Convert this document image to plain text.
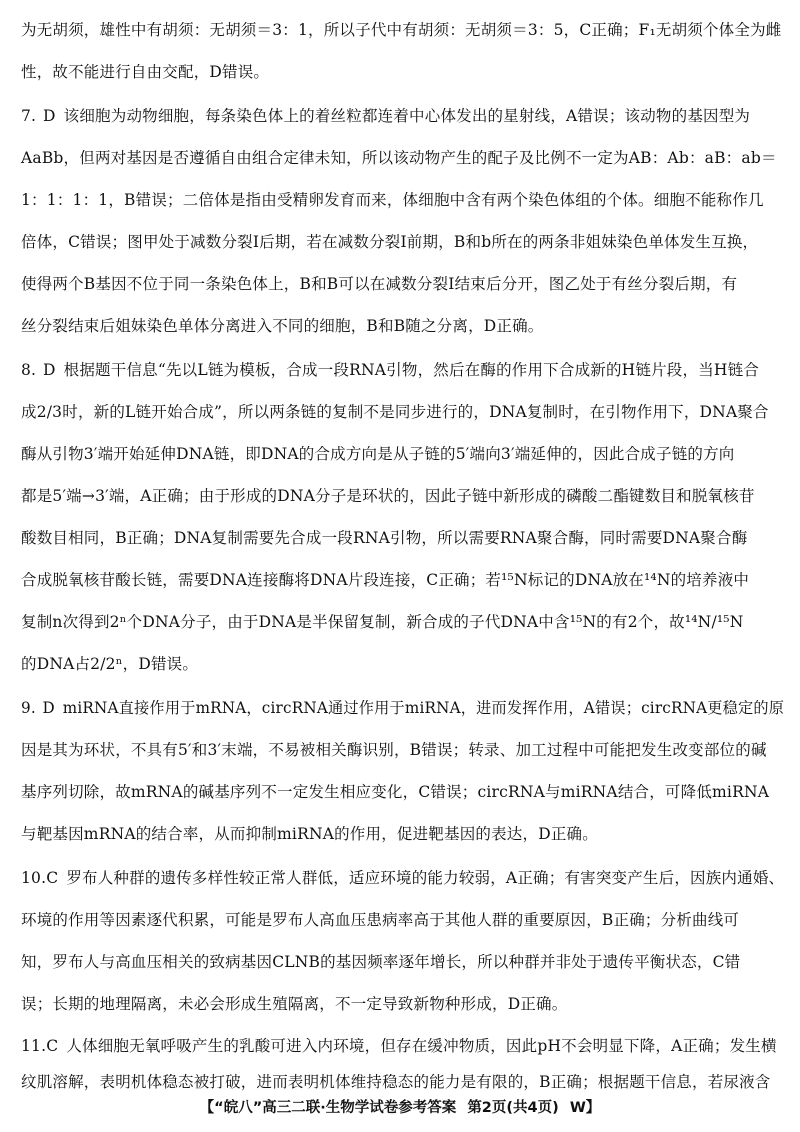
为无胡须，雄性中有胡须：无胡须＝3：1，所以子代中有胡须：无胡须＝3：5，C正确；F₁无胡须个体全为雌
性，故不能进行自由交配，D错误。
7. D 该细胞为动物细胞，每条染色体上的着丝粒都连着中心体发出的星射线，A错误；该动物的基因型为
AaBb，但两对基因是否遵循自由组合定律未知，所以该动物产生的配子及比例不一定为AB：Ab：aB：ab＝
1：1：1：1，B错误；二倍体是指由受精卵发育而来，体细胞中含有两个染色体组的个体。细胞不能称作几
倍体，C错误；图甲处于减数分裂Ⅰ后期，若在减数分裂Ⅰ前期，B和b所在的两条非姐妹染色单体发生互换，
使得两个B基因不位于同一条染色体上，B和B可以在减数分裂Ⅰ结束后分开，图乙处于有丝分裂后期，有
丝分裂结束后姐妹染色单体分离进入不同的细胞，B和B随之分离，D正确。
8. D 根据题干信息“先以L链为模板，合成一段RNA引物，然后在酶的作用下合成新的H链片段，当H链合
成2/3时，新的L链开始合成”，所以两条链的复制不是同步进行的，DNA复制时，在引物作用下，DNA聚合
酶从引物3′端开始延伸DNA链，即DNA的合成方向是从子链的5′端向3′端延伸的，因此合成子链的方向
都是5′端→3′端，A正确；由于形成的DNA分子是环状的，因此子链中新形成的磷酸二酯键数目和脱氧核苷
酸数目相同，B正确；DNA复制需要先合成一段RNA引物，所以需要RNA聚合酶，同时需要DNA聚合酶
合成脱氧核苷酸长链，需要DNA连接酶将DNA片段连接，C正确；若¹⁵N标记的DNA放在¹⁴N的培养液中
复制n次得到2ⁿ个DNA分子，由于DNA是半保留复制，新合成的子代DNA中含¹⁵N的有2个，故¹⁴N/¹⁵N
的DNA占2/2ⁿ，D错误。
9. D miRNA直接作用于mRNA，circRNA通过作用于miRNA，进而发挥作用，A错误；circRNA更稳定的原
因是其为环状，不具有5′和3′末端，不易被相关酶识别，B错误；转录、加工过程中可能把发生改变部位的碱
基序列切除，故mRNA的碱基序列不一定发生相应变化，C错误；circRNA与miRNA结合，可降低miRNA
与靶基因mRNA的结合率，从而抑制miRNA的作用，促进靶基因的表达，D正确。
10.C 罗布人种群的遗传多样性较正常人群低，适应环境的能力较弱，A正确；有害突变产生后，因族内通婚、
环境的作用等因素逐代积累，可能是罗布人高血压患病率高于其他人群的重要原因，B正确；分析曲线可
知，罗布人与高血压相关的致病基因CLNB的基因频率逐年增长，所以种群并非处于遗传平衡状态，C错
误；长期的地理隔离，未必会形成生殖隔离，不一定导致新物种形成，D正确。
11.C 人体细胞无氧呼吸产生的乳酸可进入内环境，但存在缓冲物质，因此pH不会明显下降，A正确；发生横
纹肌溶解，表明机体稳态被打破，进而表明机体维持稳态的能力是有限的，B正确；根据题干信息，若尿液含
【“皖八”高三二联·生物学试卷参考答案 第2页(共4页) W】
